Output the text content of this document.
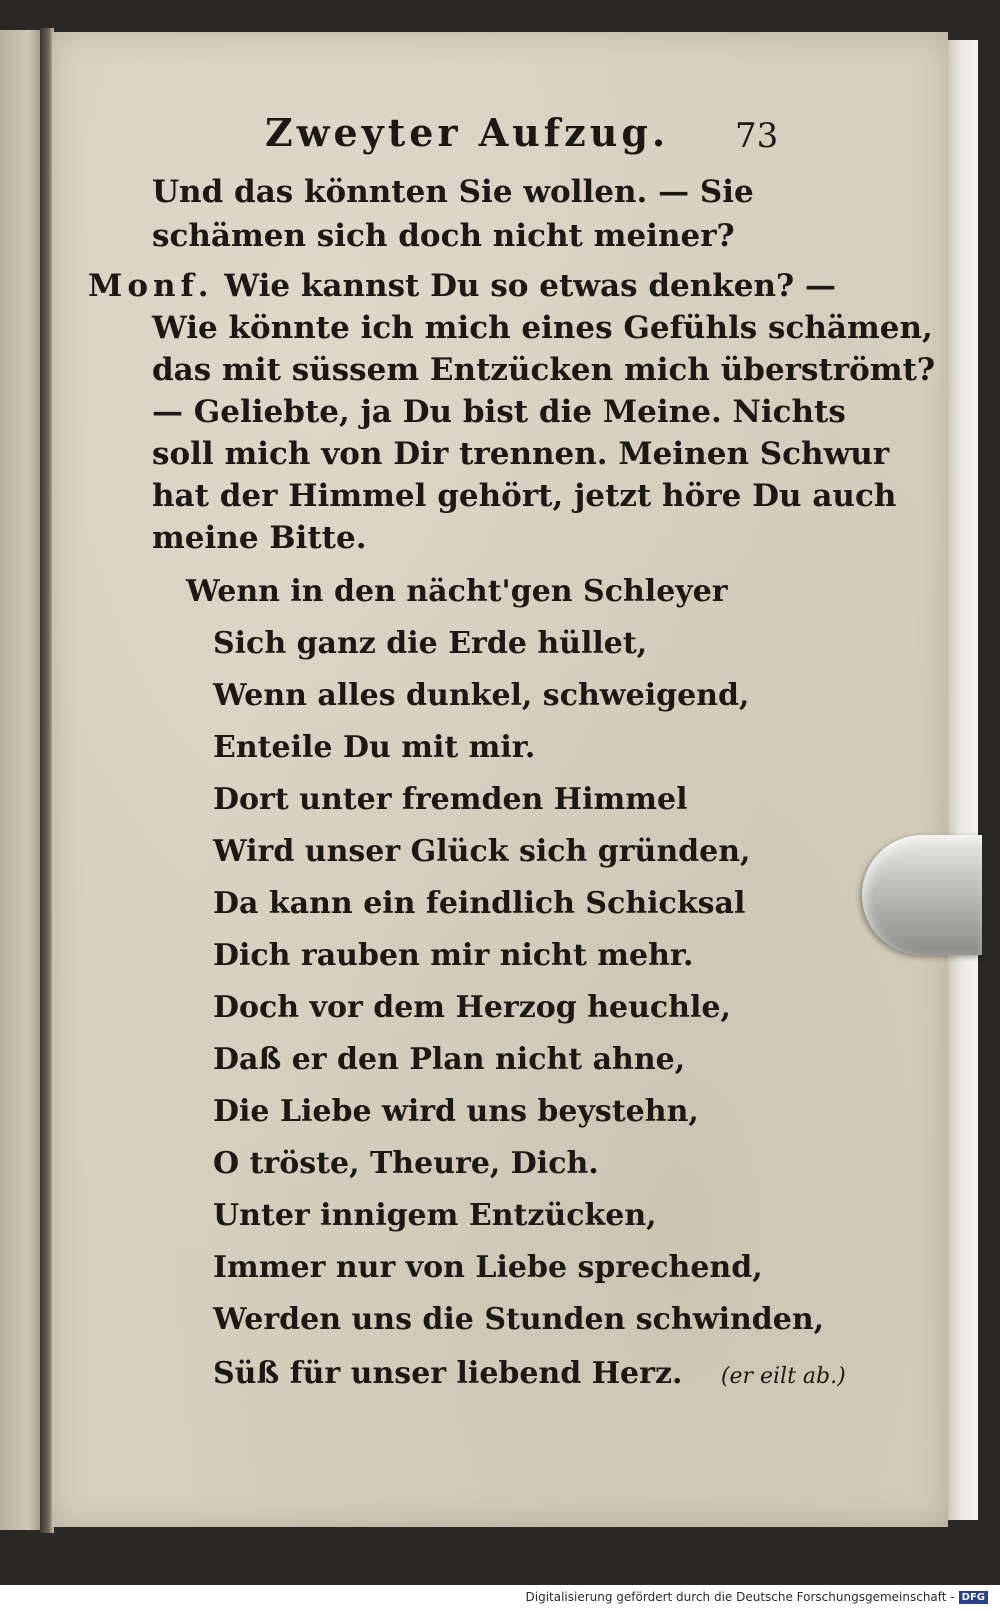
Zweyter Aufzug. 73
Und das könnten Sie wollen. — Sie
schämen sich doch nicht meiner?
Monf. Wie kannst Du so etwas denken? —
Wie könnte ich mich eines Gefühls schämen,
das mit süssem Entzücken mich überströmt?
— Geliebte, ja Du bist die Meine. Nichts
soll mich von Dir trennen. Meinen Schwur
hat der Himmel gehört, jetzt höre Du auch
meine Bitte.
Wenn in den nächt'gen Schleyer
Sich ganz die Erde hüllet,
Wenn alles dunkel, schweigend,
Enteile Du mit mir.
Dort unter fremden Himmel
Wird unser Glück sich gründen,
Da kann ein feindlich Schicksal
Dich rauben mir nicht mehr.
Doch vor dem Herzog heuchle,
Daß er den Plan nicht ahne,
Die Liebe wird uns beystehn,
O tröste, Theure, Dich.
Unter innigem Entzücken,
Immer nur von Liebe sprechend,
Werden uns die Stunden schwinden,
Süß für unser liebend Herz. (er eilt ab.)
Digitalisierung gefördert durch die Deutsche Forschungsgemeinschaft - DFG
